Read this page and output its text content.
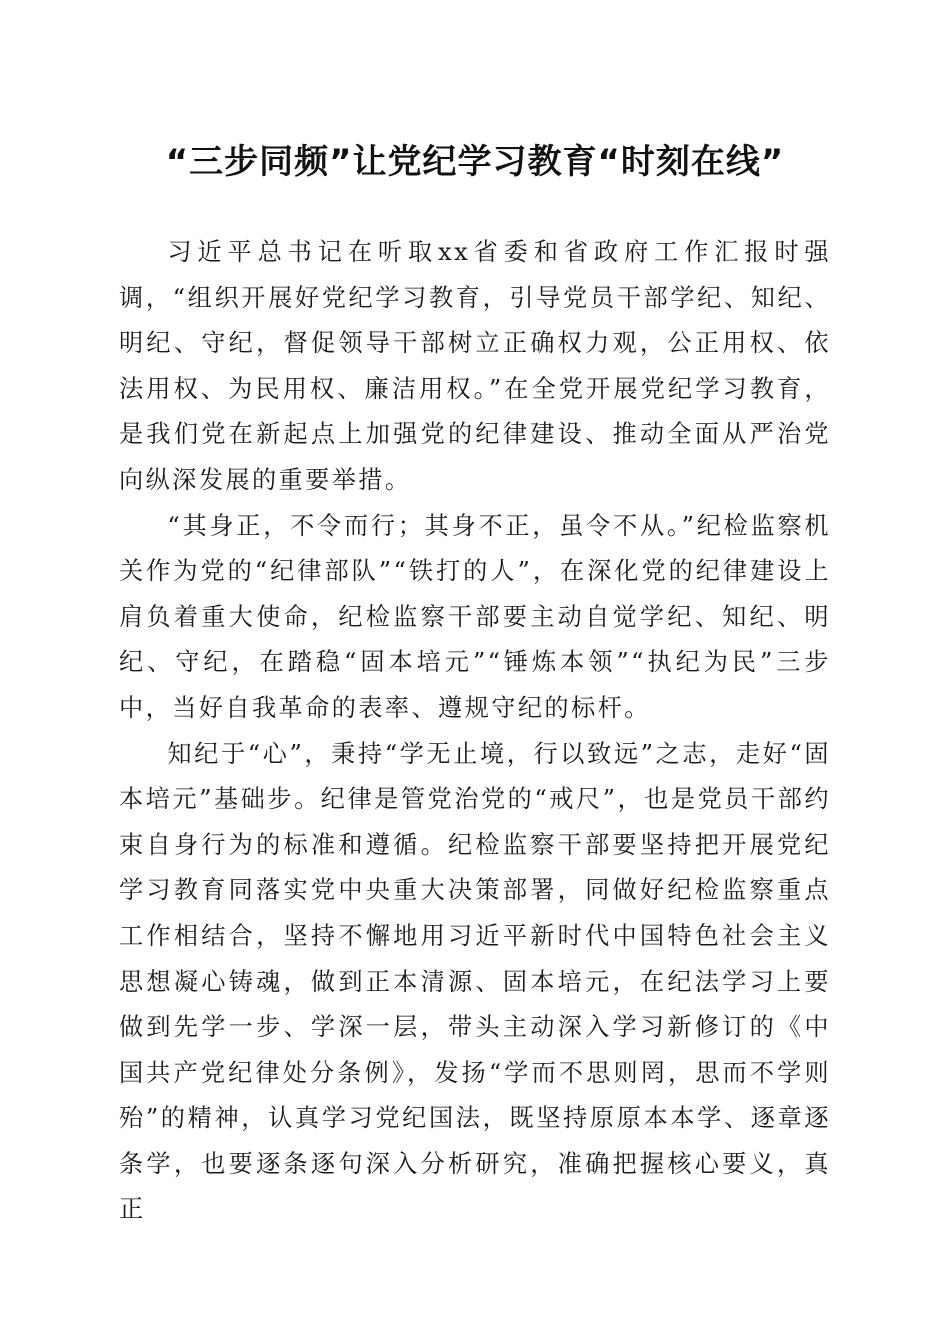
“三步同频”让党纪学习教育“时刻在线”

习近平总书记在听取xx省委和省政府工作汇报时强调，“组织开展好党纪学习教育，引导党员干部学纪、知纪、明纪、守纪，督促领导干部树立正确权力观，公正用权、依法用权、为民用权、廉洁用权。”在全党开展党纪学习教育，是我们党在新起点上加强党的纪律建设、推动全面从严治党向纵深发展的重要举措。

“其身正，不令而行；其身不正，虽令不从。”纪检监察机关作为党的“纪律部队”“铁打的人”，在深化党的纪律建设上肩负着重大使命，纪检监察干部要主动自觉学纪、知纪、明纪、守纪，在踏稳“固本培元”“锤炼本领”“执纪为民”三步中，当好自我革命的表率、遵规守纪的标杆。

知纪于“心”，秉持“学无止境，行以致远”之志，走好“固本培元”基础步。纪律是管党治党的“戒尺”，也是党员干部约束自身行为的标准和遵循。纪检监察干部要坚持把开展党纪学习教育同落实党中央重大决策部署，同做好纪检监察重点工作相结合，坚持不懈地用习近平新时代中国特色社会主义思想凝心铸魂，做到正本清源、固本培元，在纪法学习上要做到先学一步、学深一层，带头主动深入学习新修订的《中国共产党纪律处分条例》，发扬“学而不思则罔，思而不学则殆”的精神，认真学习党纪国法，既坚持原原本本学、逐章逐条学，也要逐条逐句深入分析研究，准确把握核心要义，真正
